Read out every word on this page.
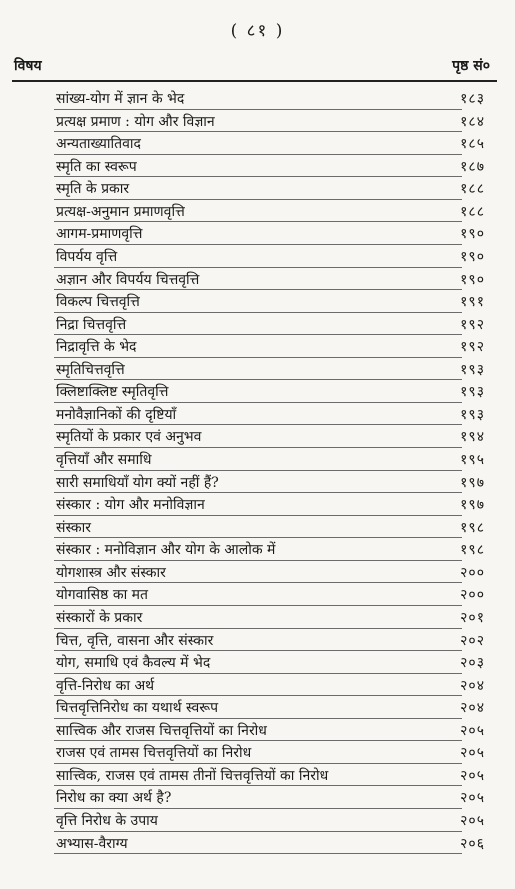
( ८१ )
विषय	पृष्ठ सं०
सांख्य-योग में ज्ञान के भेद	१८३
प्रत्यक्ष प्रमाण : योग और विज्ञान	१८४
अन्यताख्यातिवाद	१८५
स्मृति का स्वरूप	१८७
स्मृति के प्रकार	१८८
प्रत्यक्ष-अनुमान प्रमाणवृत्ति	१८८
आगम-प्रमाणवृत्ति	१९०
विपर्यय वृत्ति	१९०
अज्ञान और विपर्यय चित्तवृत्ति	१९०
विकल्प चित्तवृत्ति	१९१
निद्रा चित्तवृत्ति	१९२
निद्रावृत्ति के भेद	१९२
स्मृतिचित्तवृत्ति	१९३
क्लिष्टाक्लिष्ट स्मृतिवृत्ति	१९३
मनोवैज्ञानिकों की दृष्टियाँ	१९३
स्मृतियों के प्रकार एवं अनुभव	१९४
वृत्तियाँ और समाधि	१९५
सारी समाधियाँ योग क्यों नहीं हैं?	१९७
संस्कार : योग और मनोविज्ञान	१९७
संस्कार	१९८
संस्कार : मनोविज्ञान और योग के आलोक में	१९८
योगशास्त्र और संस्कार	२००
योगवासिष्ठ का मत	२००
संस्कारों के प्रकार	२०१
चित्त, वृत्ति, वासना और संस्कार	२०२
योग, समाधि एवं कैवल्य में भेद	२०३
वृत्ति-निरोध का अर्थ	२०४
चित्तवृत्तिनिरोध का यथार्थ स्वरूप	२०४
सात्त्विक और राजस चित्तवृत्तियों का निरोध	२०५
राजस एवं तामस चित्तवृत्तियों का निरोध	२०५
सात्त्विक, राजस एवं तामस तीनों चित्तवृत्तियों का निरोध	२०५
निरोध का क्या अर्थ है?	२०५
वृत्ति निरोध के उपाय	२०५
अभ्यास-वैराग्य	२०६
